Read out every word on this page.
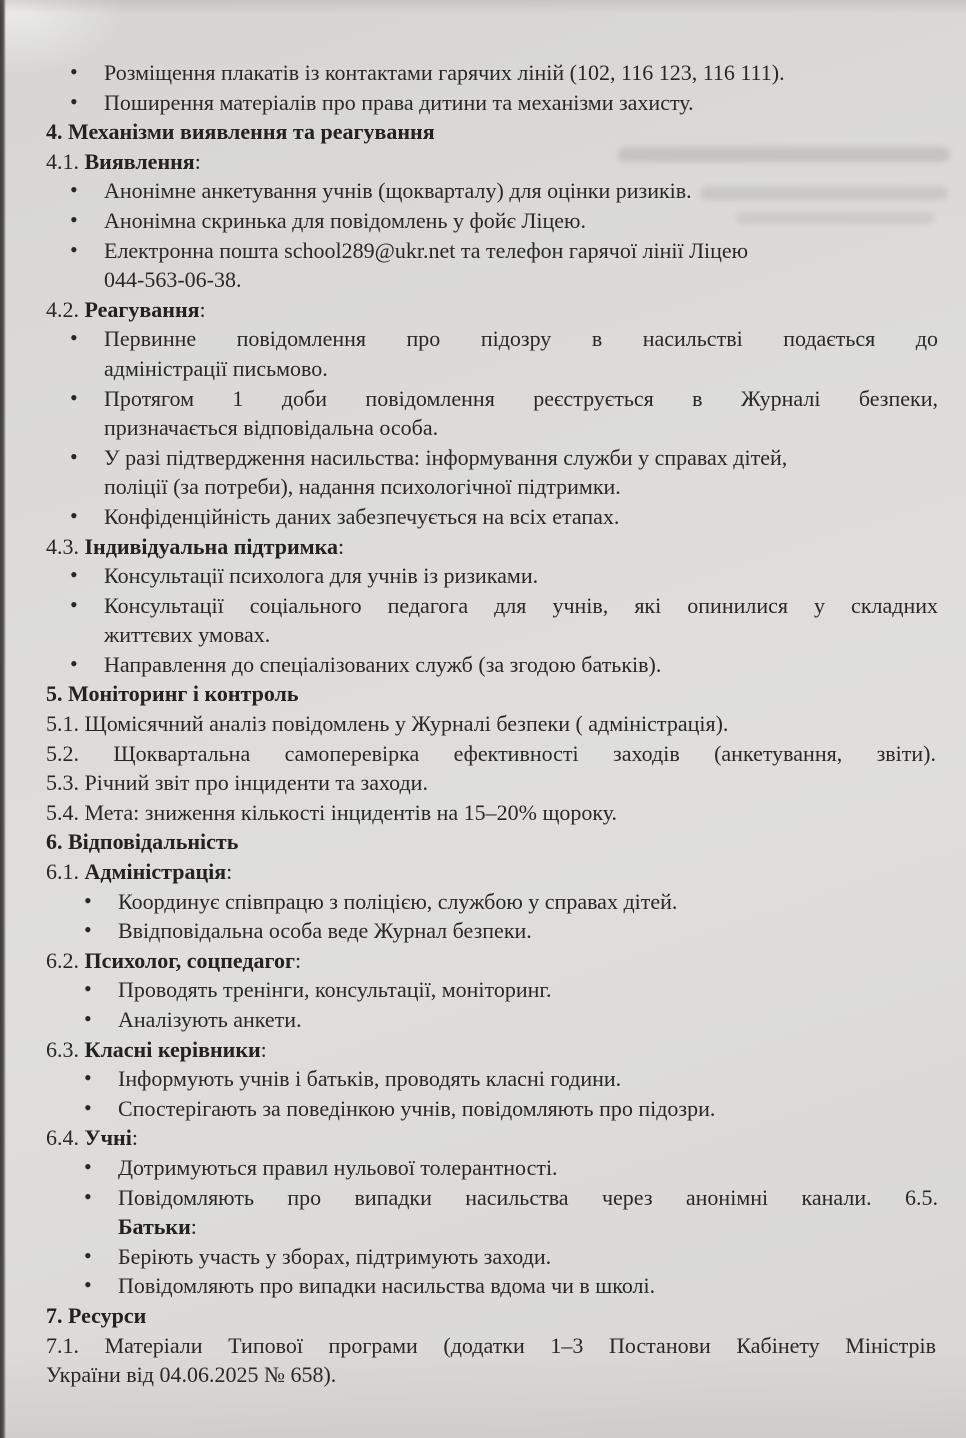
• Розміщення плакатів із контактами гарячих ліній (102, 116 123, 116 111).
• Поширення матеріалів про права дитини та механізми захисту.

4. Механізми виявлення та реагування

4.1. Виявлення:

• Анонімне анкетування учнів (щокварталу) для оцінки ризиків.
• Анонімна скринька для повідомлень у фойє Ліцею.
• Електронна пошта school289@ukr.net та телефон гарячої лінії Ліцею
044-563-06-38.

4.2. Реагування:

• Первинне повідомлення про підозру в насильстві подається до
адміністрації письмово.
• Протягом 1 доби повідомлення реєструється в Журналі безпеки,
призначається відповідальна особа.
• У разі підтвердження насильства: інформування служби у справах дітей,
поліції (за потреби), надання психологічної підтримки.
• Конфіденційність даних забезпечується на всіх етапах.

4.3. Індивідуальна підтримка:

• Консультації психолога для учнів із ризиками.
• Консультації соціального педагога для учнів, які опинилися у складних
життєвих умовах.
• Направлення до спеціалізованих служб (за згодою батьків).

5. Моніторинг і контроль

5.1. Щомісячний аналіз повідомлень у Журналі безпеки ( адміністрація).

5.2. Щоквартальна самоперевірка ефективності заходів (анкетування, звіти).

5.3. Річний звіт про інциденти та заходи.

5.4. Мета: зниження кількості інцидентів на 15–20% щороку.

6. Відповідальність

6.1. Адміністрація:

• Координує співпрацю з поліцією, службою у справах дітей.
• Ввідповідальна особа веде Журнал безпеки.

6.2. Психолог, соцпедагог:

• Проводять тренінги, консультації, моніторинг.
• Аналізують анкети.

6.3. Класні керівники:

• Інформують учнів і батьків, проводять класні години.
• Спостерігають за поведінкою учнів, повідомляють про підозри.

6.4. Учні:

• Дотримуються правил нульової толерантності.
• Повідомляють про випадки насильства через анонімні канали. 6.5.
Батьки:
• Беріють участь у зборах, підтримують заходи.
• Повідомляють про випадки насильства вдома чи в школі.

7. Ресурси

7.1. Матеріали Типової програми (додатки 1–3 Постанови Кабінету Міністрів
України від 04.06.2025 № 658).
